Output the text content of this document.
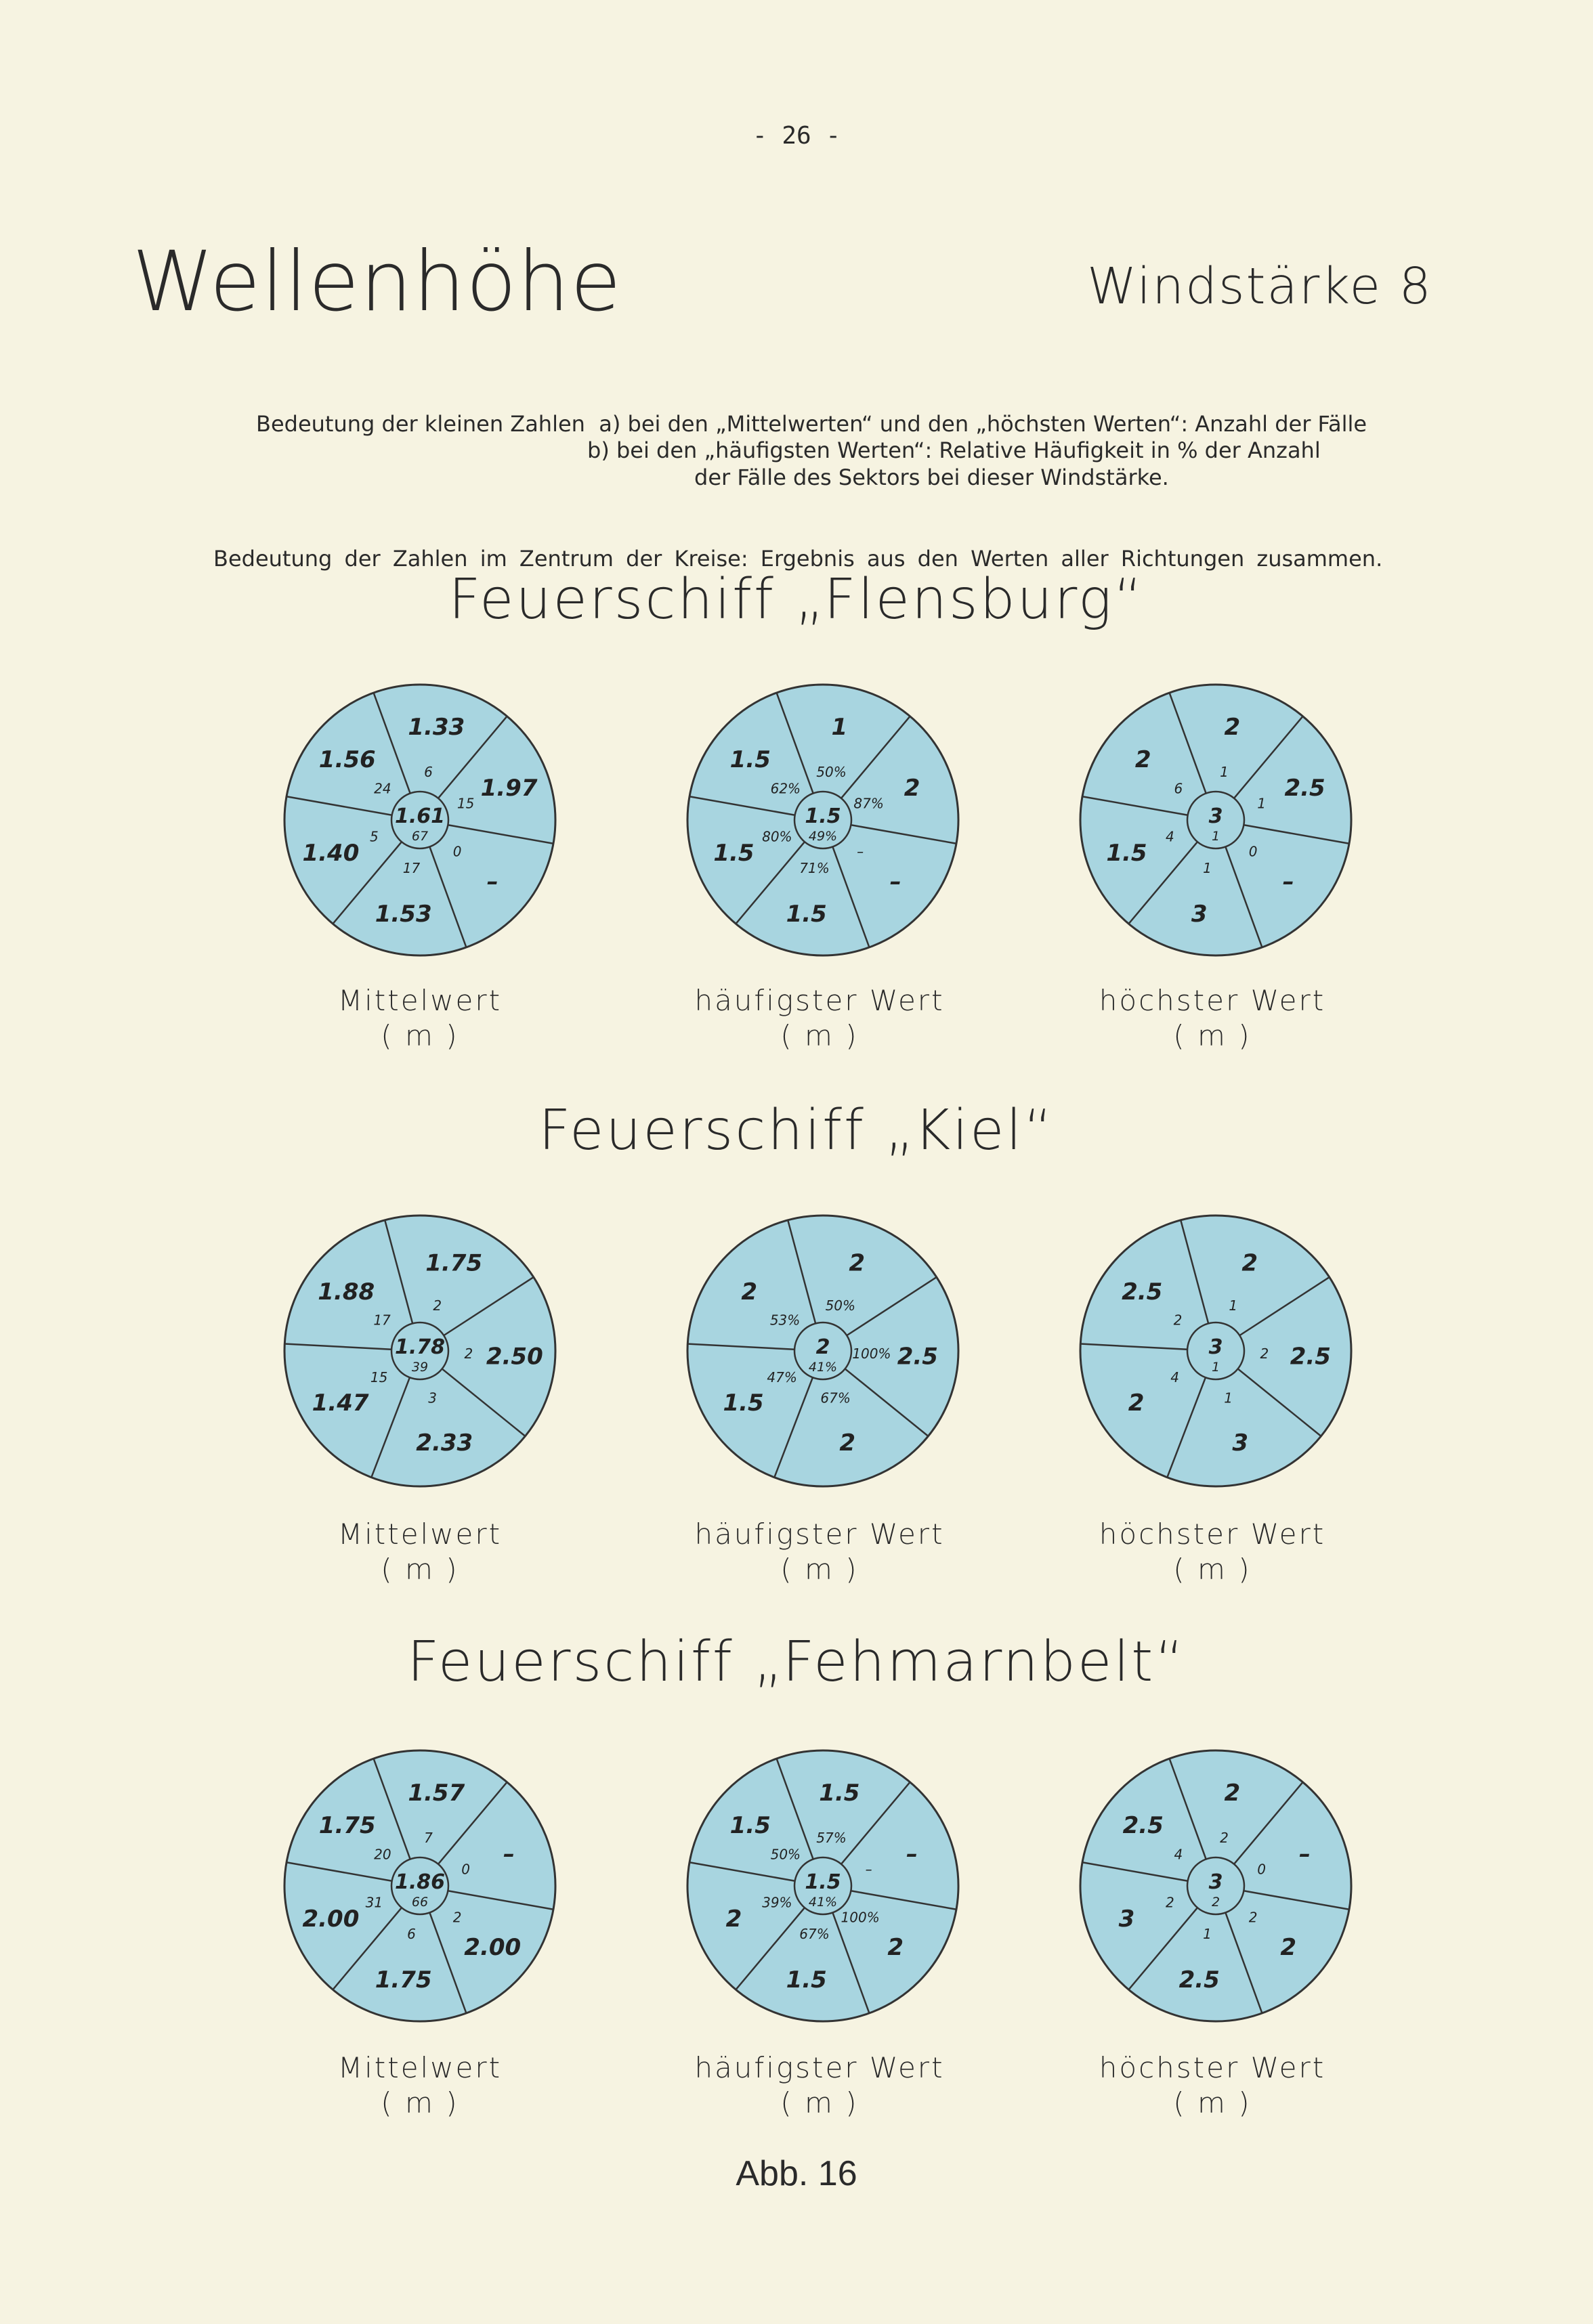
- 26 -
Wellenhöhe	Windstärke 8
Bedeutung der kleinen Zahlen  a) bei den „Mittelwerten“ und den „höchsten Werten“: Anzahl der Fälle
b) bei den „häufigsten Werten“: Relative Häufigkeit in % der Anzahl
der Fälle des Sektors bei dieser Windstärke.
Bedeutung der Zahlen im Zentrum der Kreise: Ergebnis aus den Werten aller Richtungen zusammen.
Feuerschiff „Flensburg“
Feuerschiff „Kiel“
Feuerschiff „Fehmarnbelt“
Mittelwert
( m )
häufigster Wert
( m )
höchster Wert
( m )
Mittelwert
( m )
häufigster Wert
( m )
höchster Wert
( m )
Mittelwert
( m )
häufigster Wert
( m )
höchster Wert
( m )
1.61
67
1.33
6
1.97
15
–
0
1.53
17
1.40
5
1.56
24
1.5
49%
1
50%
2
87%
–
–
1.5
71%
1.5
80%
1.5
62%
3
1
2
1
2.5
1
–
0
3
1
1.5
4
2
6
1.78
39
1.75
2
2.50
2
2.33
3
1.47
15
1.88
17
2
41%
2
50%
2.5
100%
2
67%
1.5
47%
2
53%
3
1
2
1
2.5
2
3
1
2
4
2.5
2
1.86
66
1.57
7
–
0
2.00
2
1.75
6
2.00
31
1.75
20
1.5
41%
1.5
57%
–
–
2
100%
1.5
67%
2
39%
1.5
50%
3
2
2
2
–
0
2
2
2.5
1
3
2
2.5
4
Abb. 16
